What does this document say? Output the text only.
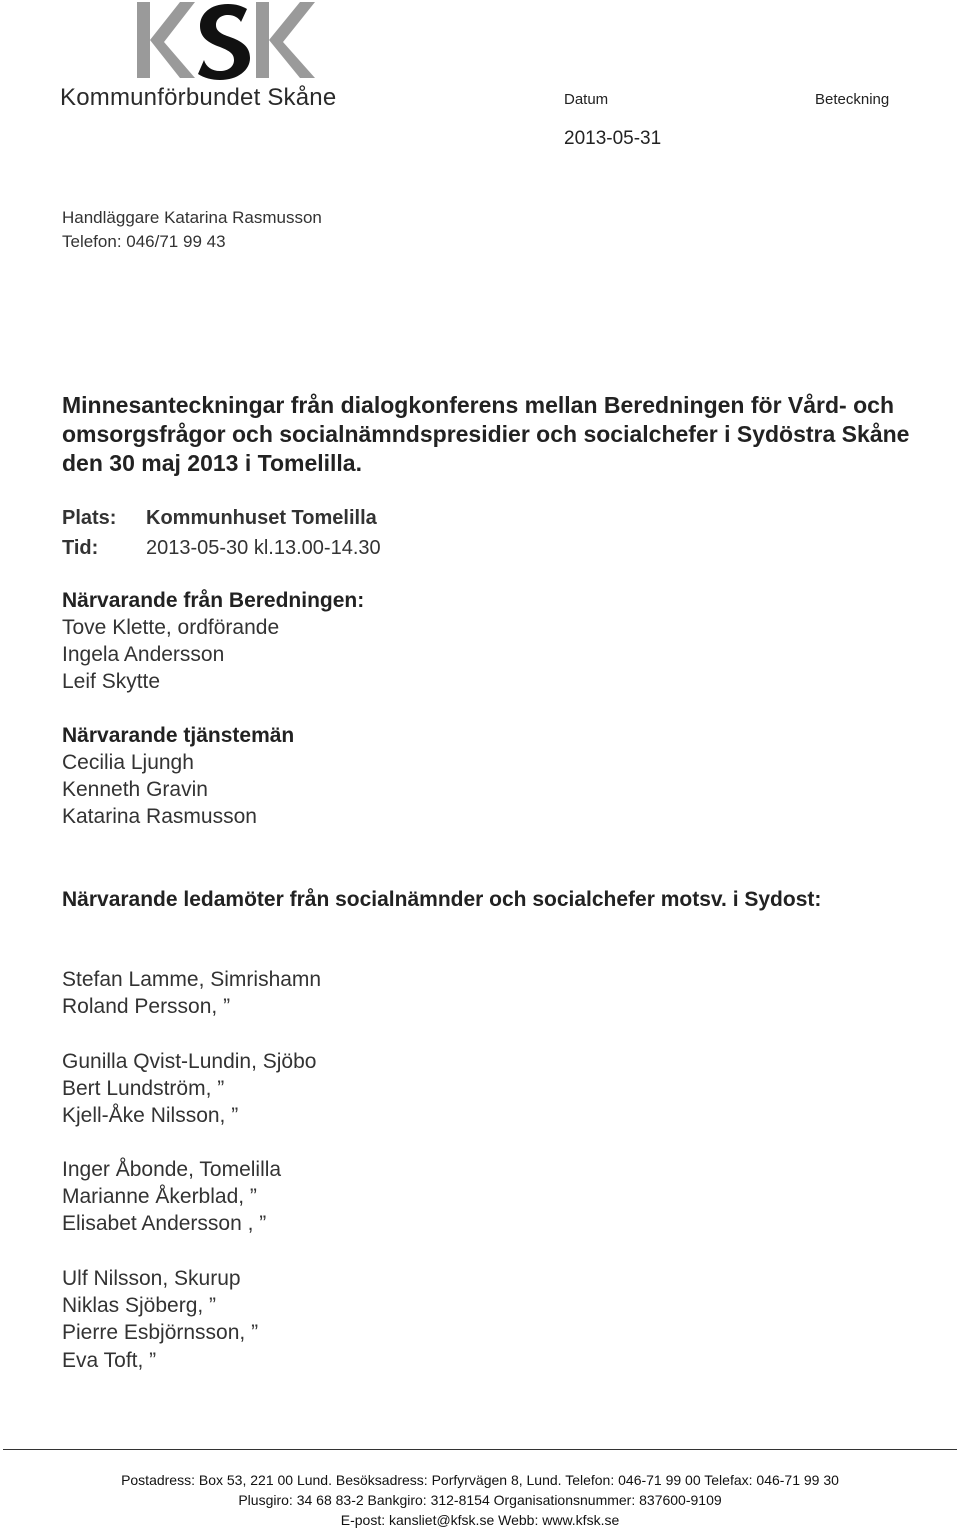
Kommunförbundet Skåne	Datum	Beteckning
2013-05-31
Handläggare Katarina Rasmusson
Telefon: 046/71 99 43
Minnesanteckningar från dialogkonferens mellan Beredningen för Vård- och omsorgsfrågor och socialnämndspresidier och socialchefer i Sydöstra Skåne den 30 maj 2013 i Tomelilla.
Plats: Kommunhuset Tomelilla
Tid: 2013-05-30 kl.13.00-14.30
Närvarande från Beredningen:
Tove Klette, ordförande
Ingela Andersson
Leif Skytte
Närvarande tjänstemän
Cecilia Ljungh
Kenneth Gravin
Katarina Rasmusson

Närvarande ledamöter från socialnämnder och socialchefer motsv. i Sydost:

Stefan Lamme, Simrishamn
Roland Persson, ”
Gunilla Qvist-Lundin, Sjöbo
Bert Lundström, ”
Kjell-Åke Nilsson, ”
Inger Åbonde, Tomelilla
Marianne Åkerblad, ”
Elisabet Andersson , ”
Ulf Nilsson, Skurup
Niklas Sjöberg, ”
Pierre Esbjörnsson, ”
Eva Toft, ”
Postadress: Box 53, 221 00 Lund. Besöksadress: Porfyrvägen 8, Lund. Telefon: 046-71 99 00 Telefax: 046-71 99 30
Plusgiro: 34 68 83-2 Bankgiro: 312-8154 Organisationsnummer: 837600-9109
E-post: kansliet@kfsk.se Webb: www.kfsk.se
